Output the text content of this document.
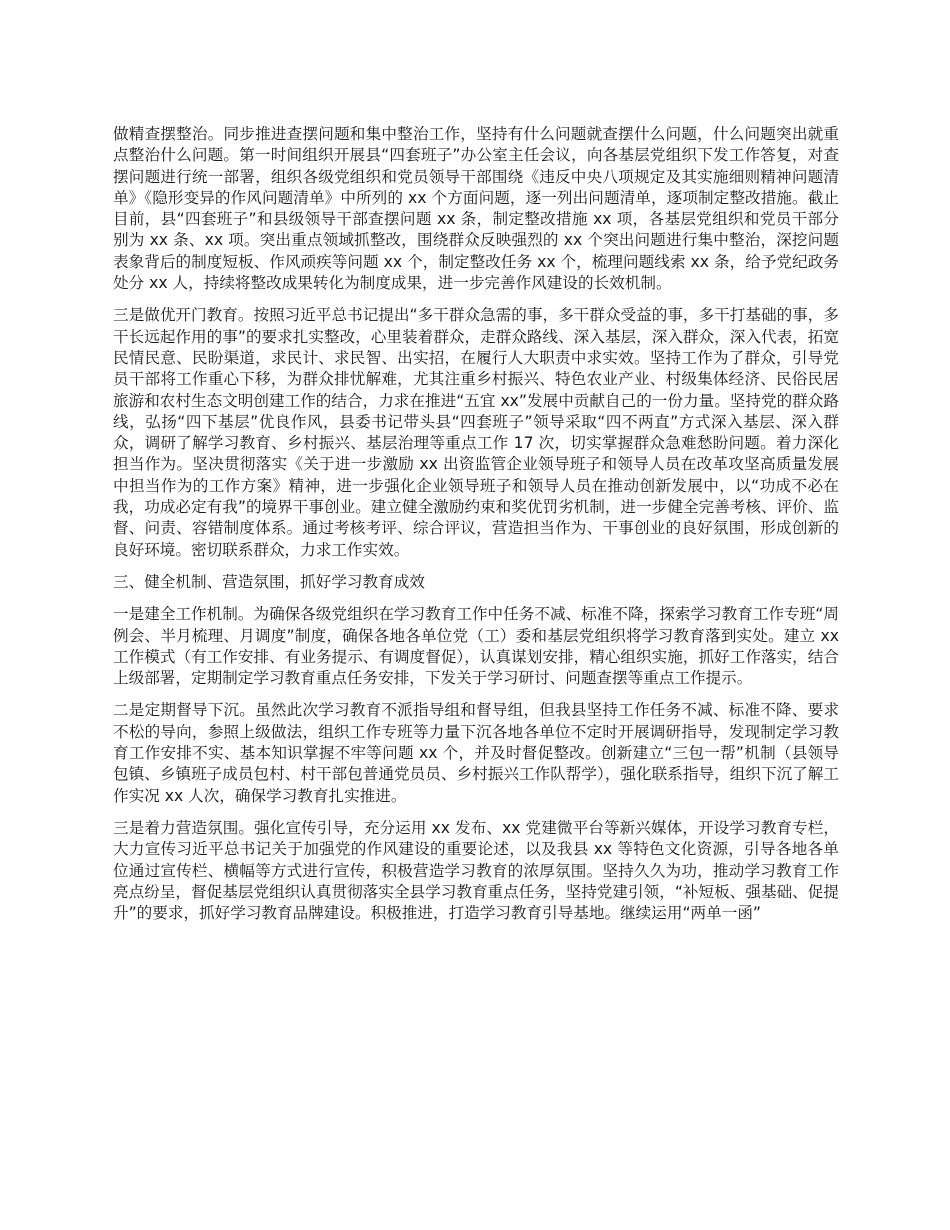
做精查摆整治。同步推进查摆问题和集中整治工作，坚持有什么问题就查摆什么问题，什么问题突出就重点整治什么问题。第一时间组织开展县“四套班子”办公室主任会议，向各基层党组织下发工作答复，对查摆问题进行统一部署，组织各级党组织和党员领导干部围绕《违反中央八项规定及其实施细则精神问题清单》《隐形变异的作风问题清单》中所列的 xx 个方面问题，逐一列出问题清单，逐项制定整改措施。截止目前，县“四套班子”和县级领导干部查摆问题 xx 条，制定整改措施 xx 项，各基层党组织和党员干部分别为 xx 条、xx 项。突出重点领域抓整改，围绕群众反映强烈的 xx 个突出问题进行集中整治，深挖问题表象背后的制度短板、作风顽疾等问题 xx 个，制定整改任务 xx 个，梳理问题线索 xx 条，给予党纪政务处分 xx 人，持续将整改成果转化为制度成果，进一步完善作风建设的长效机制。

三是做优开门教育。按照习近平总书记提出“多干群众急需的事，多干群众受益的事，多干打基础的事，多干长远起作用的事”的要求扎实整改，心里装着群众，走群众路线、深入基层，深入群众，深入代表，拓宽民情民意、民盼渠道，求民计、求民智、出实招，在履行人大职责中求实效。坚持工作为了群众，引导党员干部将工作重心下移，为群众排忧解难，尤其注重乡村振兴、特色农业产业、村级集体经济、民俗民居旅游和农村生态文明创建工作的结合，力求在推进“五宜 xx”发展中贡献自己的一份力量。坚持党的群众路线，弘扬“四下基层”优良作风，县委书记带头县“四套班子”领导采取“四不两直”方式深入基层、深入群众，调研了解学习教育、乡村振兴、基层治理等重点工作 17 次，切实掌握群众急难愁盼问题。着力深化担当作为。坚决贯彻落实《关于进一步激励 xx 出资监管企业领导班子和领导人员在改革攻坚高质量发展中担当作为的工作方案》精神，进一步强化企业领导班子和领导人员在推动创新发展中，以“功成不必在我，功成必定有我”的境界干事创业。建立健全激励约束和奖优罚劣机制，进一步健全完善考核、评价、监督、问责、容错制度体系。通过考核考评、综合评议，营造担当作为、干事创业的良好氛围，形成创新的良好环境。密切联系群众，力求工作实效。

三、健全机制、营造氛围，抓好学习教育成效

一是建全工作机制。为确保各级党组织在学习教育工作中任务不减、标准不降，探索学习教育工作专班“周例会、半月梳理、月调度”制度，确保各地各单位党（工）委和基层党组织将学习教育落到实处。建立 xx 工作模式（有工作安排、有业务提示、有调度督促），认真谋划安排，精心组织实施，抓好工作落实，结合上级部署，定期制定学习教育重点任务安排，下发关于学习研讨、问题查摆等重点工作提示。

二是定期督导下沉。虽然此次学习教育不派指导组和督导组，但我县坚持工作任务不减、标准不降、要求不松的导向，参照上级做法，组织工作专班等力量下沉各地各单位不定时开展调研指导，发现制定学习教育工作安排不实、基本知识掌握不牢等问题 xx 个，并及时督促整改。创新建立“三包一帮”机制（县领导包镇、乡镇班子成员包村、村干部包普通党员员、乡村振兴工作队帮学），强化联系指导，组织下沉了解工作实况 xx 人次，确保学习教育扎实推进。

三是着力营造氛围。强化宣传引导，充分运用 xx 发布、xx 党建微平台等新兴媒体，开设学习教育专栏，大力宣传习近平总书记关于加强党的作风建设的重要论述，以及我县 xx 等特色文化资源，引导各地各单位通过宣传栏、横幅等方式进行宣传，积极营造学习教育的浓厚氛围。坚持久久为功，推动学习教育工作亮点纷呈，督促基层党组织认真贯彻落实全县学习教育重点任务，坚持党建引领，“补短板、强基础、促提升”的要求，抓好学习教育品牌建设。积极推进，打造学习教育引导基地。继续运用“两单一函”
